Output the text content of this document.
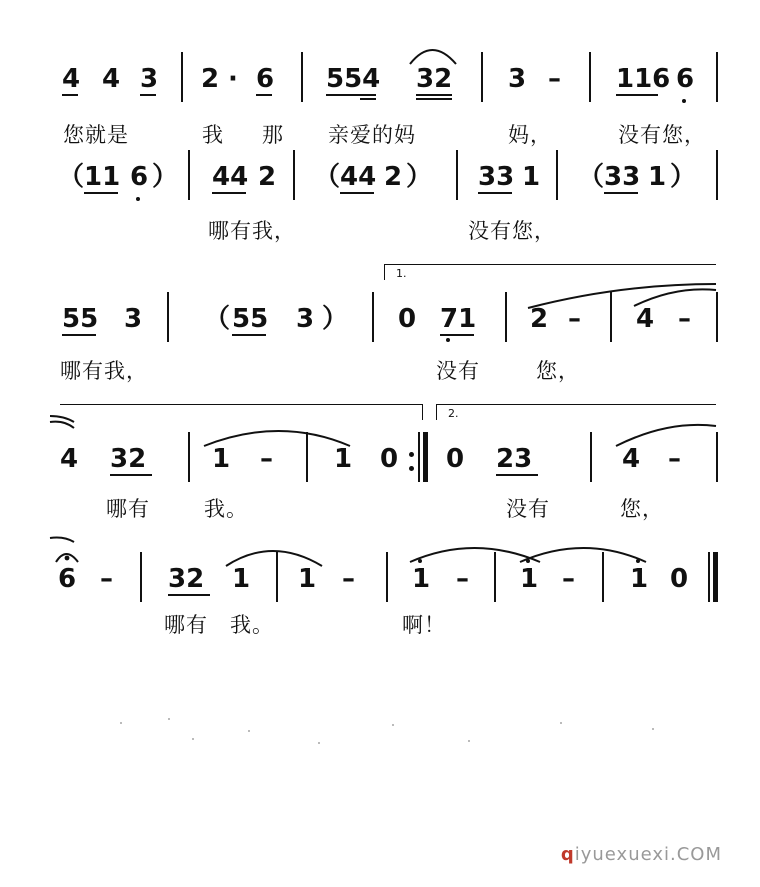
4 4 3 2 · 6 554 32 3 – 116 6
您就是	我 那 亲爱的妈	妈，	没有您，
（ 11 6 ） 44 2 （ 44 2 ） 33 1 （ 33 1 ）
哪有我，	没有您，
1.
55 3 （ 55 3 ） 0 71 2 – 4 –
哪有我，	没有	您，
2.
4 32	1 – 1 0 0 23	4 –
哪有	我。	没有	您，
6 – 32 1 1 – 1 – 1 – 1 0
哪有 我。	啊！
qiyuexuexi.COM
